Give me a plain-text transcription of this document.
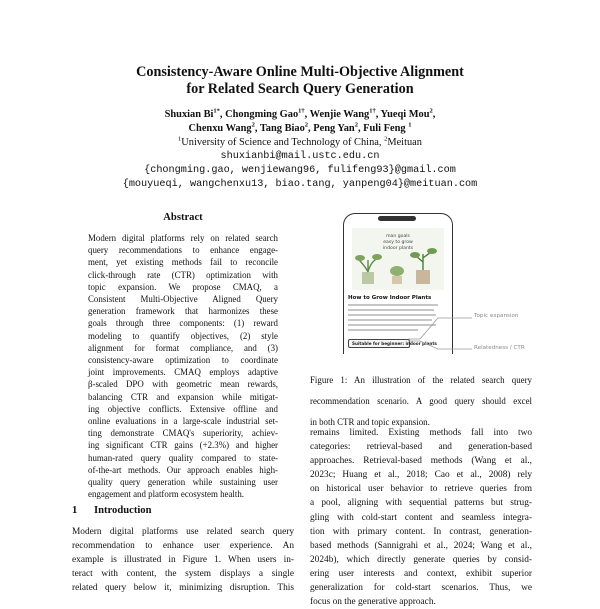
Consistency-Aware Online Multi-Objective Alignment
for Related Search Query Generation
Shuxian $Bi^{1*}$, Chongming Gao$^{1\dagger}$, Wenjie Wang$^{1\dagger}$, Yueqi Mou$^2$,
Chenxu Wang$^2$, Tang Biao$^2$, Peng Yan$^2$, Fuli Feng $^1$
$^1$University of Science and Technology of China, $^2$Meituan
shuxianbi@mail.ustc.edu.cn
{chongming.gao, wenjiewang96, fulifeng93}@gmail.com
{mouyueqi, wangchenxu13, biao.tang, yanpeng04}@meituan.com
Abstract

Modern digital platforms rely on related search

query recommendations to enhance engage-

ment, yet existing methods fail to reconcile

click-through rate (CTR) optimization with

topic expansion. We propose CMAQ, a

Consistent Multi-Objective Aligned Query

generation framework that harmonizes these

goals through three components: (1) reward

modeling to quantify objectives, (2) style

alignment for format compliance, and (3)

consistency-aware optimization to coordinate

joint improvements. CMAQ employs adaptive

β-scaled DPO with geometric mean rewards,

balancing CTR and expansion while mitigat-

ing objective conflicts. Extensive offline and

online evaluations in a large-scale industrial set-

ting demonstrate CMAQ's superiority, achiev-

ing significant CTR gains (+2.3%) and higher

human-rated query quality compared to state-

of-the-art methods. Our approach enables high-

quality query generation while sustaining user

engagement and platform ecosystem health.

1 Introduction

Modern digital platforms use related search query

recommendation to enhance user experience. An

example is illustrated in Figure 1. When users in-

teract with content, the system displays a single

related query below it, minimizing disruption. This

man goals
easy to grow
indoor plants
How to Grow Indoor Plants
Suitable for beginner: indoor plants
Topic expansion
Relatedness / CTR

Figure 1: An illustration of the related search query

recommendation scenario. A good query should excel

in both CTR and topic expansion.

remains limited. Existing methods fall into two

categories: retrieval-based and generation-based

approaches. Retrieval-based methods (Wang et al.,

2023c; Huang et al., 2018; Cao et al., 2008) rely

on historical user behavior to retrieve queries from

a pool, aligning with sequential patterns but strug-

gling with cold-start content and seamless integra-

tion with primary content. In contrast, generation-

based methods (Sannigrahi et al., 2024; Wang et al.,

2024b), which directly generate queries by consid-

ering user interests and context, exhibit superior

generalization for cold-start scenarios. Thus, we

focus on the generative approach.
